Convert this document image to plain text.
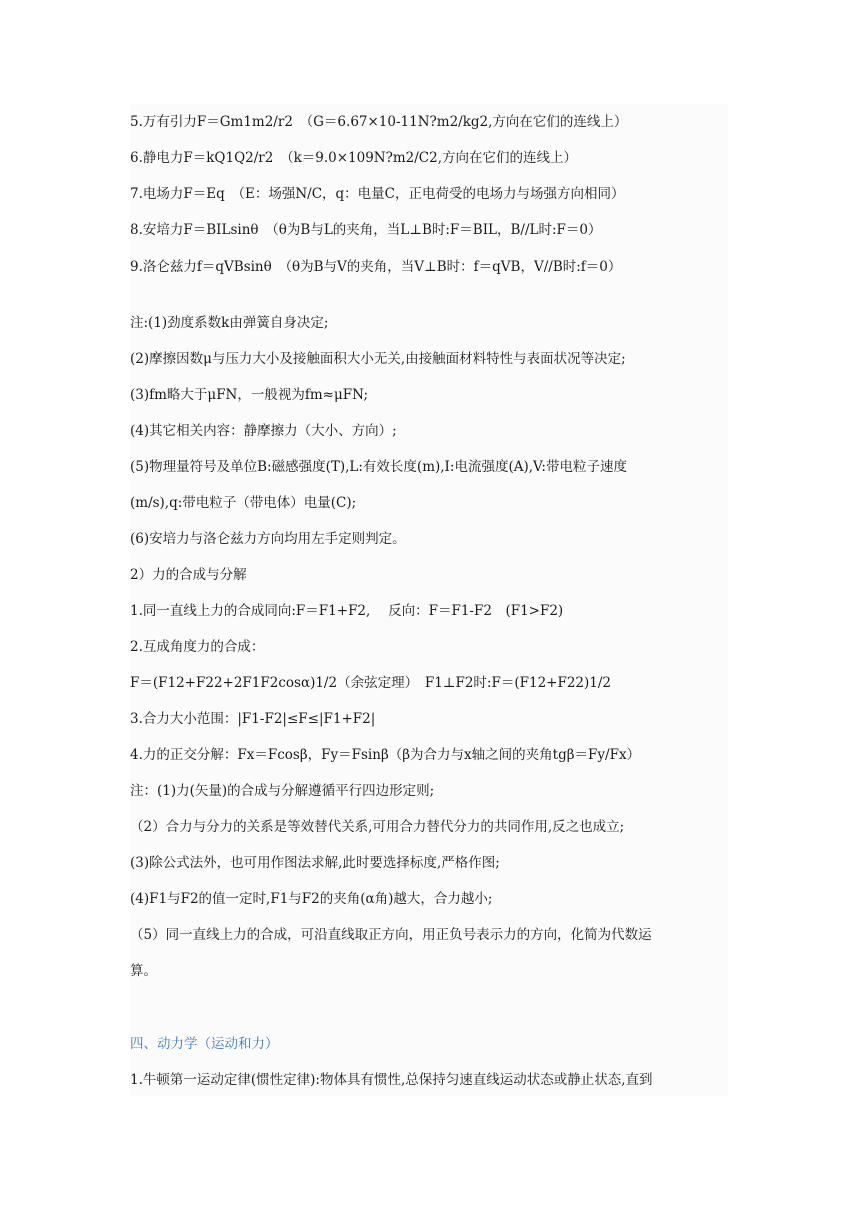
5.万有引力F＝Gm1m2/r2　（G＝6.67×10-11N?m2/kg2,方向在它们的连线上）
6.静电力F＝kQ1Q2/r2　（k＝9.0×109N?m2/C2,方向在它们的连线上）
7.电场力F＝Eq　（E：场强N/C，q：电量C，正电荷受的电场力与场强方向相同）
8.安培力F＝BILsinθ　（θ为B与L的夹角，当L⊥B时:F＝BIL，B//L时:F＝0）
9.洛仑兹力f＝qVBsinθ　（θ为B与V的夹角，当V⊥B时：f＝qVB，V//B时:f＝0）
注:(1)劲度系数k由弹簧自身决定;
(2)摩擦因数μ与压力大小及接触面积大小无关,由接触面材料特性与表面状况等决定;
(3)fm略大于μFN，一般视为fm≈μFN;
(4)其它相关内容：静摩擦力（大小、方向）;
(5)物理量符号及单位B:磁感强度(T),L:有效长度(m),I:电流强度(A),V:带电粒子速度
(m/s),q:带电粒子（带电体）电量(C);
(6)安培力与洛仑兹力方向均用左手定则判定。
2）力的合成与分解
1.同一直线上力的合成同向:F＝F1+F2,　 反向：F＝F1-F2　(F1>F2)
2.互成角度力的合成：
F＝(F12+F22+2F1F2cosα)1/2（余弦定理）　F1⊥F2时:F＝(F12+F22)1/2
3.合力大小范围：|F1-F2|≤F≤|F1+F2|
4.力的正交分解：Fx＝Fcosβ，Fy＝Fsinβ（β为合力与x轴之间的夹角tgβ＝Fy/Fx）
注：(1)力(矢量)的合成与分解遵循平行四边形定则;
（2）合力与分力的关系是等效替代关系,可用合力替代分力的共同作用,反之也成立;
(3)除公式法外，也可用作图法求解,此时要选择标度,严格作图;
(4)F1与F2的值一定时,F1与F2的夹角(α角)越大，合力越小;
（5）同一直线上力的合成，可沿直线取正方向，用正负号表示力的方向，化简为代数运
算。
四、动力学（运动和力）
1.牛顿第一运动定律(惯性定律):物体具有惯性,总保持匀速直线运动状态或静止状态,直到
